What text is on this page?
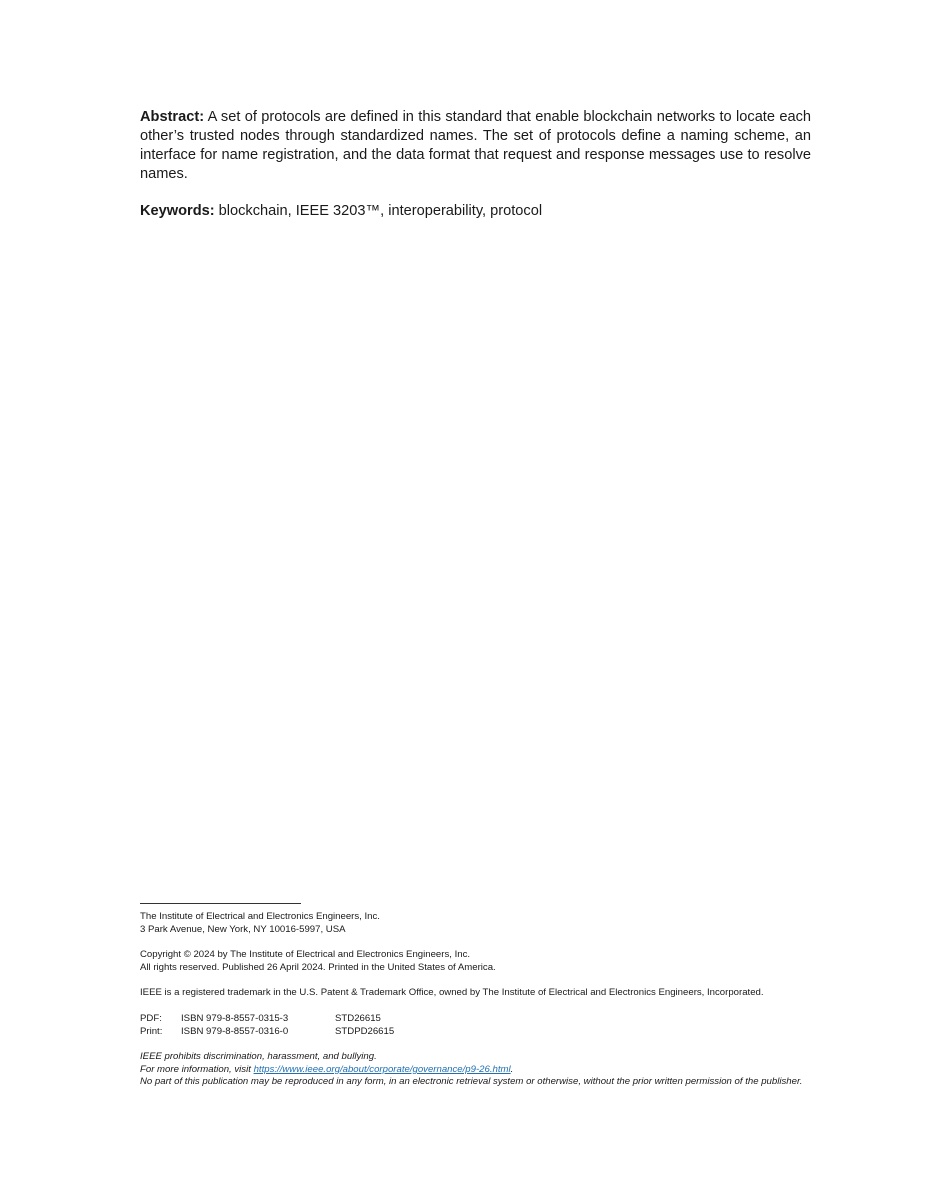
Abstract: A set of protocols are defined in this standard that enable blockchain networks to locate each other’s trusted nodes through standardized names. The set of protocols define a naming scheme, an interface for name registration, and the data format that request and response messages use to resolve names.

Keywords: blockchain, IEEE 3203™, interoperability, protocol

The Institute of Electrical and Electronics Engineers, Inc.
3 Park Avenue, New York, NY 10016-5997, USA
Copyright © 2024 by The Institute of Electrical and Electronics Engineers, Inc.
All rights reserved. Published 26 April 2024. Printed in the United States of America.
IEEE is a registered trademark in the U.S. Patent & Trademark Office, owned by The Institute of Electrical and Electronics Engineers, Incorporated.
PDF:	ISBN 979-8-8557-0315-3	STD26615
Print:	ISBN 979-8-8557-0316-0	STDPD26615
IEEE prohibits discrimination, harassment, and bullying.
For more information, visit https://www.ieee.org/about/corporate/governance/p9-26.html.
No part of this publication may be reproduced in any form, in an electronic retrieval system or otherwise, without the prior written permission of the publisher.
